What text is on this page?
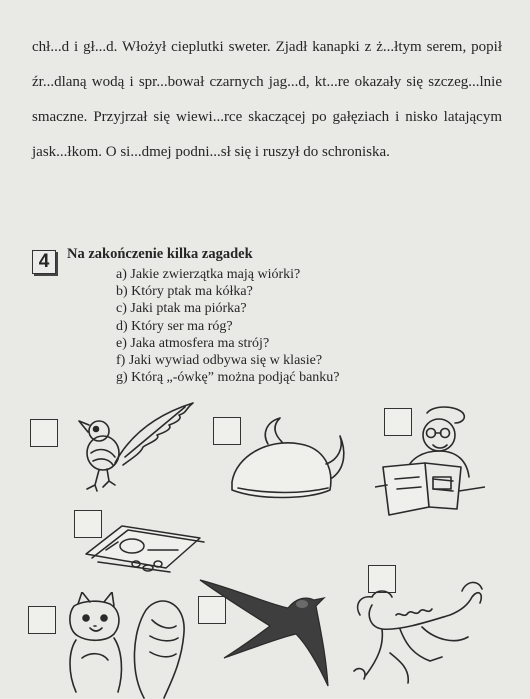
chł...d i gł...d. Włożył cieplutki sweter. Zjadł kanapki z ż...łtym serem, popił źr...dlaną wodą i spr...bował czarnych jag...d, kt...re okazały się szczeg...lnie smaczne. Przyjrzał się wiewi...rce skaczącej po gałęziach i nisko latającym jask...łkom. O si...dmej podni...sł się i ruszył do schroniska.

4	Na zakończenie kilka zagadek
a) Jakie zwierzątka mają wiórki?
b) Który ptak ma kółka?
c) Jaki ptak ma piórka?
d) Który ser ma róg?
e) Jaka atmosfera ma strój?
f) Jaki wywiad odbywa się w klasie?
g) Którą „-ówkę” można podjąć banku?
